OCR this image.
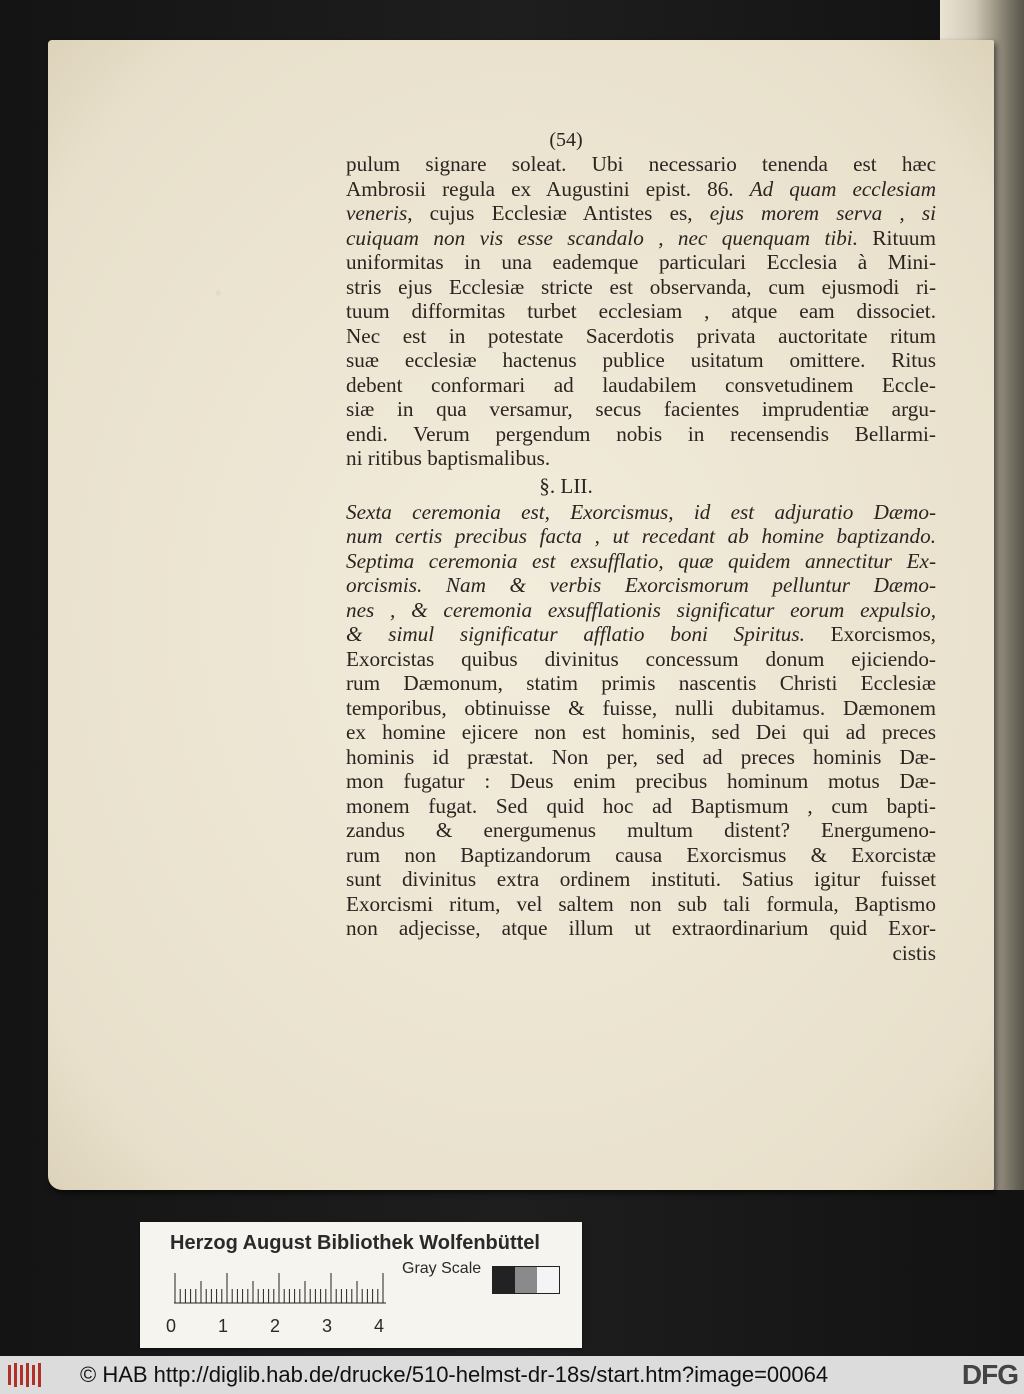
(54)
pulum signare soleat. Ubi necessario tenenda est hæc
Ambrosii regula ex Augustini epist. 86. Ad quam ecclesiam
veneris, cujus Ecclesiæ Antistes es, ejus morem serva , si
cuiquam non vis esse scandalo , nec quenquam tibi. Rituum
uniformitas in una eademque particulari Ecclesia à Mini-
stris ejus Ecclesiæ stricte est observanda, cum ejusmodi ri-
tuum difformitas turbet ecclesiam , atque eam dissociet.
Nec est in potestate Sacerdotis privata auctoritate ritum
suæ ecclesiæ hactenus publice usitatum omittere. Ritus
debent conformari ad laudabilem consvetudinem Eccle-
siæ in qua versamur, secus facientes imprudentiæ argu-
endi. Verum pergendum nobis in recensendis Bellarmi-
ni ritibus baptismalibus.
§. LII.
Sexta ceremonia est, Exorcismus, id est adjuratio Dæmo-
num certis precibus facta , ut recedant ab homine baptizando.
Septima ceremonia est exsufflatio, quæ quidem annectitur Ex-
orcismis. Nam & verbis Exorcismorum pelluntur Dæmo-
nes , & ceremonia exsufflationis significatur eorum expulsio,
& simul significatur afflatio boni Spiritus. Exorcismos,
Exorcistas quibus divinitus concessum donum ejiciendo-
rum Dæmonum, statim primis nascentis Christi Ecclesiæ
temporibus, obtinuisse & fuisse, nulli dubitamus. Dæmonem
ex homine ejicere non est hominis, sed Dei qui ad preces
hominis id præstat. Non per, sed ad preces hominis Dæ-
mon fugatur : Deus enim precibus hominum motus Dæ-
monem fugat. Sed quid hoc ad Baptismum , cum bapti-
zandus & energumenus multum distent? Energumeno-
rum non Baptizandorum causa Exorcismus & Exorcistæ
sunt divinitus extra ordinem instituti. Satius igitur fuisset
Exorcismi ritum, vel saltem non sub tali formula, Baptismo
non adjecisse, atque illum ut extraordinarium quid Exor-
cistis
Herzog August Bibliothek Wolfenbüttel
0 1 2 3 4
Gray Scale
© HAB http://diglib.hab.de/drucke/510-helmst-dr-18s/start.htm?image=00064	DFG
